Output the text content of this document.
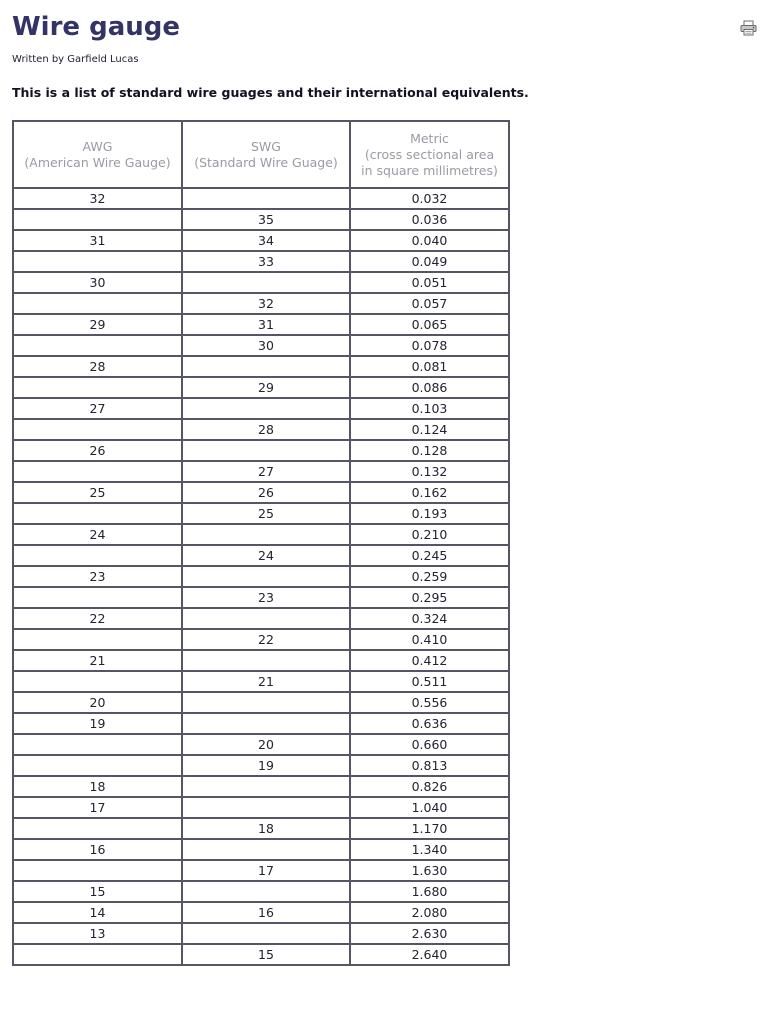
Wire gauge
Written by Garfield Lucas

This is a list of standard wire guages and their international equivalents.

AWG
(American Wire Gauge)	SWG
(Standard Wire Guage)	Metric
(cross sectional area
in square millimetres)
32		0.032
	35	0.036
31	34	0.040
	33	0.049
30		0.051
	32	0.057
29	31	0.065
	30	0.078
28		0.081
	29	0.086
27		0.103
	28	0.124
26		0.128
	27	0.132
25	26	0.162
	25	0.193
24		0.210
	24	0.245
23		0.259
	23	0.295
22		0.324
	22	0.410
21		0.412
	21	0.511
20		0.556
19		0.636
	20	0.660
	19	0.813
18		0.826
17		1.040
	18	1.170
16		1.340
	17	1.630
15		1.680
14	16	2.080
13		2.630
	15	2.640
